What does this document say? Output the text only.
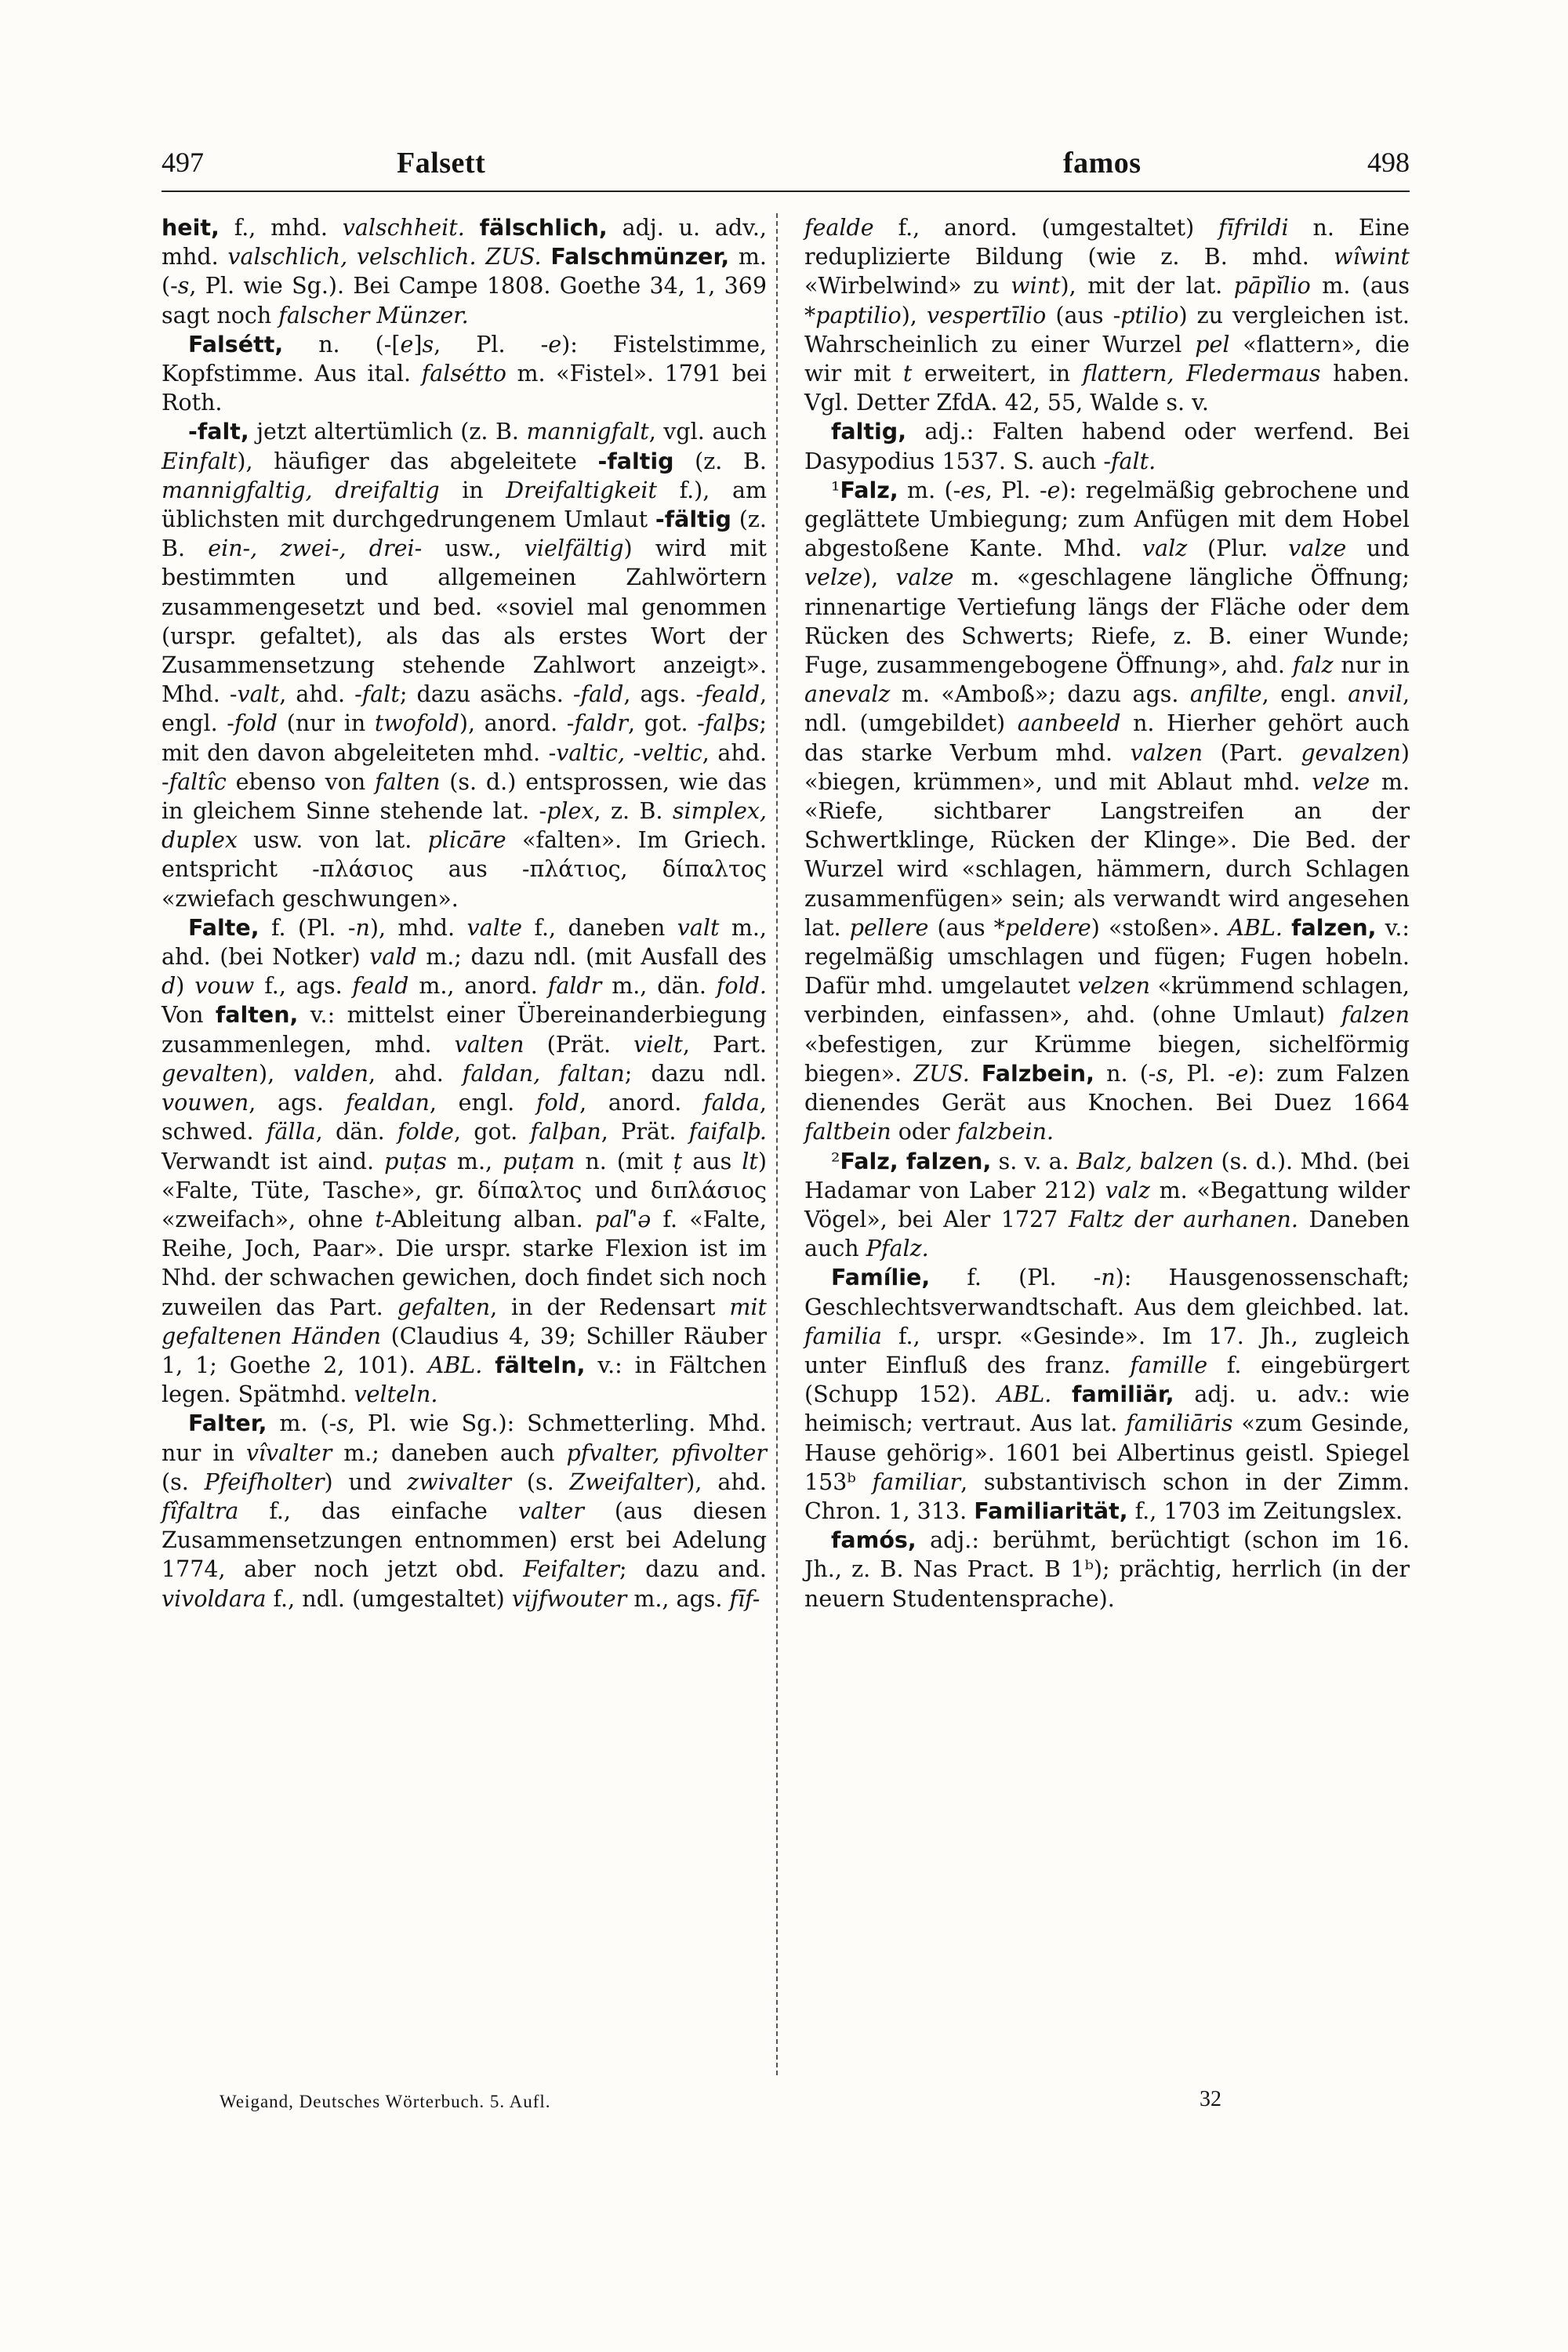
497	Falsett	famos	498

heit, f., mhd. valschheit. fälschlich, adj. u. adv., mhd. valschlich, velschlich. ZUS. Falschmünzer, m. (-s, Pl. wie Sg.). Bei Campe 1808. Goethe 34, 1, 369 sagt noch falscher Münzer.

Falsétt, n. (-[e]s, Pl. -e): Fistelstimme, Kopfstimme. Aus ital. falsétto m. «Fistel». 1791 bei Roth.

-falt, jetzt altertümlich (z. B. mannigfalt, vgl. auch Einfalt), häufiger das abgeleitete -faltig (z. B. mannigfaltig, dreifaltig in Dreifaltigkeit f.), am üblichsten mit durchgedrungenem Umlaut -fältig (z. B. ein-, zwei-, drei- usw., vielfältig) wird mit bestimmten und allgemeinen Zahlwörtern zusammengesetzt und bed. «soviel mal genommen (urspr. gefaltet), als das als erstes Wort der Zusammensetzung stehende Zahlwort anzeigt». Mhd. -valt, ahd. -falt; dazu asächs. -fald, ags. -feald, engl. -fold (nur in twofold), anord. -faldr, got. -falþs; mit den davon abgeleiteten mhd. -valtic, -veltic, ahd. -faltîc ebenso von falten (s. d.) entsprossen, wie das in gleichem Sinne stehende lat. -plex, z. B. simplex, duplex usw. von lat. plicāre «falten». Im Griech. entspricht -πλάσιος aus -πλάτιος, δίπαλτος «zwiefach geschwungen».

Falte, f. (Pl. -n), mhd. valte f., daneben valt m., ahd. (bei Notker) vald m.; dazu ndl. (mit Ausfall des d) vouw f., ags. feald m., anord. faldr m., dän. fold. Von falten, v.: mittelst einer Übereinanderbiegung zusammenlegen, mhd. valten (Prät. vielt, Part. gevalten), valden, ahd. faldan, faltan; dazu ndl. vouwen, ags. fealdan, engl. fold, anord. falda, schwed. fälla, dän. folde, got. falþan, Prät. faifalþ. Verwandt ist aind. puṭas m., puṭam n. (mit ṭ aus lt) «Falte, Tüte, Tasche», gr. δίπαλτος und διπλάσιος «zweifach», ohne t-Ableitung alban. paľ'ə f. «Falte, Reihe, Joch, Paar». Die urspr. starke Flexion ist im Nhd. der schwachen gewichen, doch findet sich noch zuweilen das Part. gefalten, in der Redensart mit gefaltenen Händen (Claudius 4, 39; Schiller Räuber 1, 1; Goethe 2, 101). ABL. fälteln, v.: in Fältchen legen. Spätmhd. velteln.

Falter, m. (-s, Pl. wie Sg.): Schmetterling. Mhd. nur in vîvalter m.; daneben auch pfvalter, pfivolter (s. Pfeifholter) und zwivalter (s. Zweifalter), ahd. fîfaltra f., das einfache valter (aus diesen Zusammensetzungen entnommen) erst bei Adelung 1774, aber noch jetzt obd. Feifalter; dazu and. vivoldara f., ndl. (umgestaltet) vijfwouter m., ags. fīf-

fealde f., anord. (umgestaltet) fīfrildi n. Eine reduplizierte Bildung (wie z. B. mhd. wîwint «Wirbelwind» zu wint), mit der lat. pāpĭlio m. (aus *paptilio), vespertīlio (aus -ptilio) zu vergleichen ist. Wahrscheinlich zu einer Wurzel pel «flattern», die wir mit t erweitert, in flattern, Fledermaus haben. Vgl. Detter ZfdA. 42, 55, Walde s. v.

faltig, adj.: Falten habend oder werfend. Bei Dasypodius 1537. S. auch -falt.

¹Falz, m. (-es, Pl. -e): regelmäßig gebrochene und geglättete Umbiegung; zum Anfügen mit dem Hobel abgestoßene Kante. Mhd. valz (Plur. valze und velze), valze m. «geschlagene längliche Öffnung; rinnenartige Vertiefung längs der Fläche oder dem Rücken des Schwerts; Riefe, z. B. einer Wunde; Fuge, zusammengebogene Öffnung», ahd. falz nur in anevalz m. «Amboß»; dazu ags. anfilte, engl. anvil, ndl. (umgebildet) aanbeeld n. Hierher gehört auch das starke Verbum mhd. valzen (Part. gevalzen) «biegen, krümmen», und mit Ablaut mhd. velze m. «Riefe, sichtbarer Langstreifen an der Schwertklinge, Rücken der Klinge». Die Bed. der Wurzel wird «schlagen, hämmern, durch Schlagen zusammenfügen» sein; als verwandt wird angesehen lat. pellere (aus *peldere) «stoßen». ABL. falzen, v.: regelmäßig umschlagen und fügen; Fugen hobeln. Dafür mhd. umgelautet velzen «krümmend schlagen, verbinden, einfassen», ahd. (ohne Umlaut) falzen «befestigen, zur Krümme biegen, sichelförmig biegen». ZUS. Falzbein, n. (-s, Pl. -e): zum Falzen dienendes Gerät aus Knochen. Bei Duez 1664 faltbein oder falzbein.

²Falz, falzen, s. v. a. Balz, balzen (s. d.). Mhd. (bei Hadamar von Laber 212) valz m. «Begattung wilder Vögel», bei Aler 1727 Faltz der aurhanen. Daneben auch Pfalz.

Famílie, f. (Pl. -n): Hausgenossenschaft; Geschlechtsverwandtschaft. Aus dem gleichbed. lat. familia f., urspr. «Gesinde». Im 17. Jh., zugleich unter Einfluß des franz. famille f. eingebürgert (Schupp 152). ABL. familiär, adj. u. adv.: wie heimisch; vertraut. Aus lat. familiāris «zum Gesinde, Hause gehörig». 1601 bei Albertinus geistl. Spiegel 153ᵇ familiar, substantivisch schon in der Zimm. Chron. 1, 313. Familiarität, f., 1703 im Zeitungslex.

famós, adj.: berühmt, berüchtigt (schon im 16. Jh., z. B. Nas Pract. B 1ᵇ); prächtig, herrlich (in der neuern Studentensprache).

Weigand, Deutsches Wörterbuch. 5. Aufl.	32
